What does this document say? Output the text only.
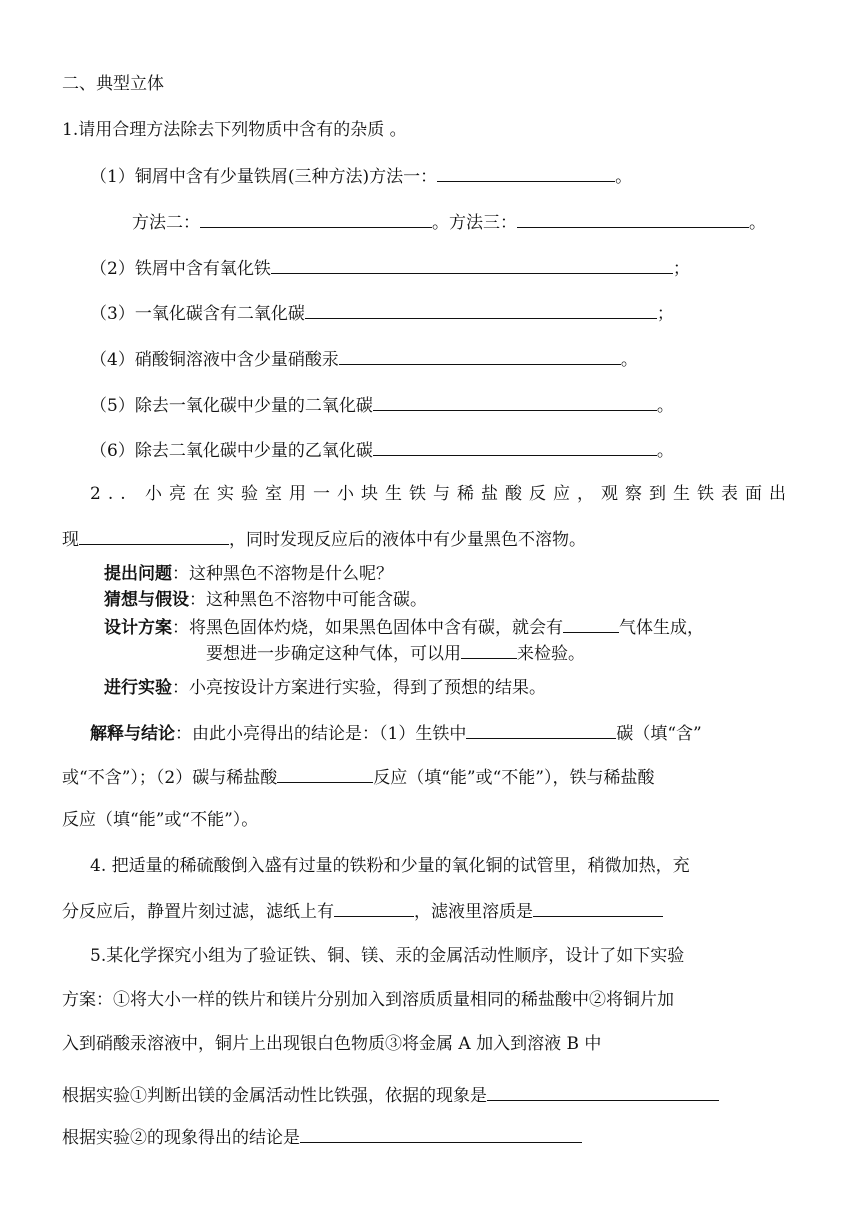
二、典型立体
1.请用合理方法除去下列物质中含有的杂质 。
（1）铜屑中含有少量铁屑(三种方法)方法一：	。
方法二：	。方法三：	。
（2）铁屑中含有氧化铁	；
（3）一氧化碳含有二氧化碳	；
（4）硝酸铜溶液中含少量硝酸汞	。
（5）除去一氧化碳中少量的二氧化碳	。
（6）除去二氧化碳中少量的乙氧化碳	。
2.. 小亮在实验室用一小块生铁与稀盐酸反应，观察到生铁表面出
现	，同时发现反应后的液体中有少量黑色不溶物。
提出问题：这种黑色不溶物是什么呢？
猜想与假设：这种黑色不溶物中可能含碳。
设计方案：将黑色固体灼烧，如果黑色固体中含有碳，就会有	气体生成，
要想进一步确定这种气体，可以用	来检验。
进行实验：小亮按设计方案进行实验，得到了预想的结果。
解释与结论：由此小亮得出的结论是：（1）生铁中	碳（填“含”
或“不含”）；（2）碳与稀盐酸	反应（填“能”或“不能”），铁与稀盐酸
反应（填“能”或“不能”）。
4. 把适量的稀硫酸倒入盛有过量的铁粉和少量的氧化铜的试管里，稍微加热，充
分反应后，静置片刻过滤，滤纸上有	，滤液里溶质是
5.某化学探究小组为了验证铁、铜、镁、汞的金属活动性顺序，设计了如下实验
方案：①将大小一样的铁片和镁片分别加入到溶质质量相同的稀盐酸中②将铜片加
入到硝酸汞溶液中，铜片上出现银白色物质③将金属 A 加入到溶液 B 中
根据实验①判断出镁的金属活动性比铁强，依据的现象是
根据实验②的现象得出的结论是
